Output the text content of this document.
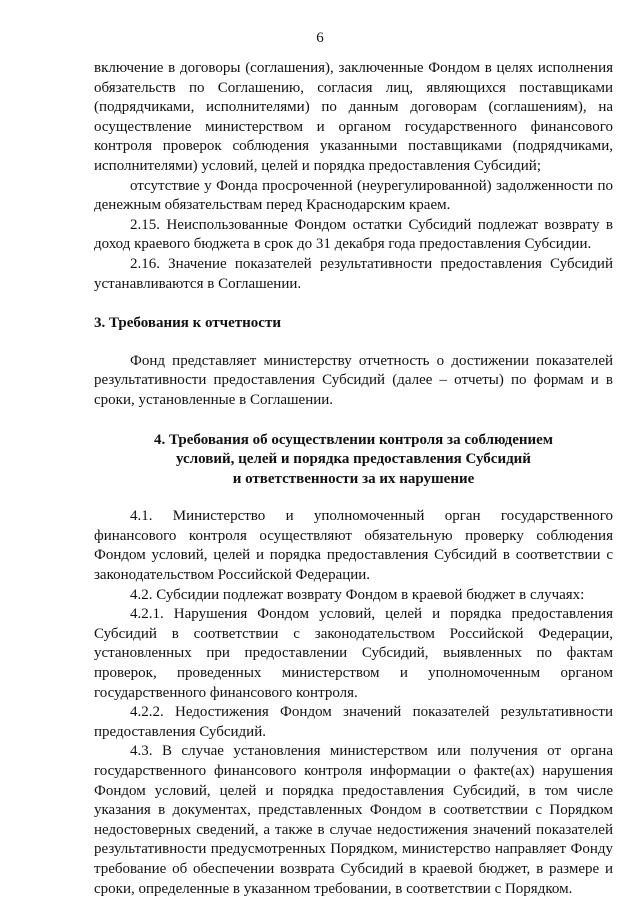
6

включение в договоры (соглашения), заключенные Фондом в целях исполнения обязательств по Соглашению, согласия лиц, являющихся поставщиками (подрядчиками, исполнителями) по данным договорам (соглашениям), на осуществление министерством и органом государственного финансового контроля проверок соблюдения указанными поставщиками (подрядчиками, исполнителями) условий, целей и порядка предоставления Субсидий;

отсутствие у Фонда просроченной (неурегулированной) задолженности по денежным обязательствам перед Краснодарским краем.

2.15. Неиспользованные Фондом остатки Субсидий подлежат возврату в доход краевого бюджета в срок до 31 декабря года предоставления Субсидии.

2.16. Значение показателей результативности предоставления Субсидий устанавливаются в Соглашении.

3. Требования к отчетности

Фонд представляет министерству отчетность о достижении показателей результативности предоставления Субсидий (далее – отчеты) по формам и в сроки, установленные в Соглашении.

4. Требования об осуществлении контроля за соблюдением
условий, целей и порядка предоставления Субсидий
и ответственности за их нарушение

4.1. Министерство и уполномоченный орган государственного финансового контроля осуществляют обязательную проверку соблюдения Фондом условий, целей и порядка предоставления Субсидий в соответствии с законодательством Российской Федерации.

4.2. Субсидии подлежат возврату Фондом в краевой бюджет в случаях:

4.2.1. Нарушения Фондом условий, целей и порядка предоставления Субсидий в соответствии с законодательством Российской Федерации, установленных при предоставлении Субсидий, выявленных по фактам проверок, проведенных министерством и уполномоченным органом государственного финансового контроля.

4.2.2. Недостижения Фондом значений показателей результативности предоставления Субсидий.

4.3. В случае установления министерством или получения от органа государственного финансового контроля информации о факте(ах) нарушения Фондом условий, целей и порядка предоставления Субсидий, в том числе указания в документах, представленных Фондом в соответствии с Порядком недостоверных сведений, а также в случае недостижения значений показателей результативности предусмотренных Порядком, министерство направляет Фонду требование об обеспечении возврата Субсидий в краевой бюджет, в размере и сроки, определенные в указанном требовании, в соответствии с Порядком.
